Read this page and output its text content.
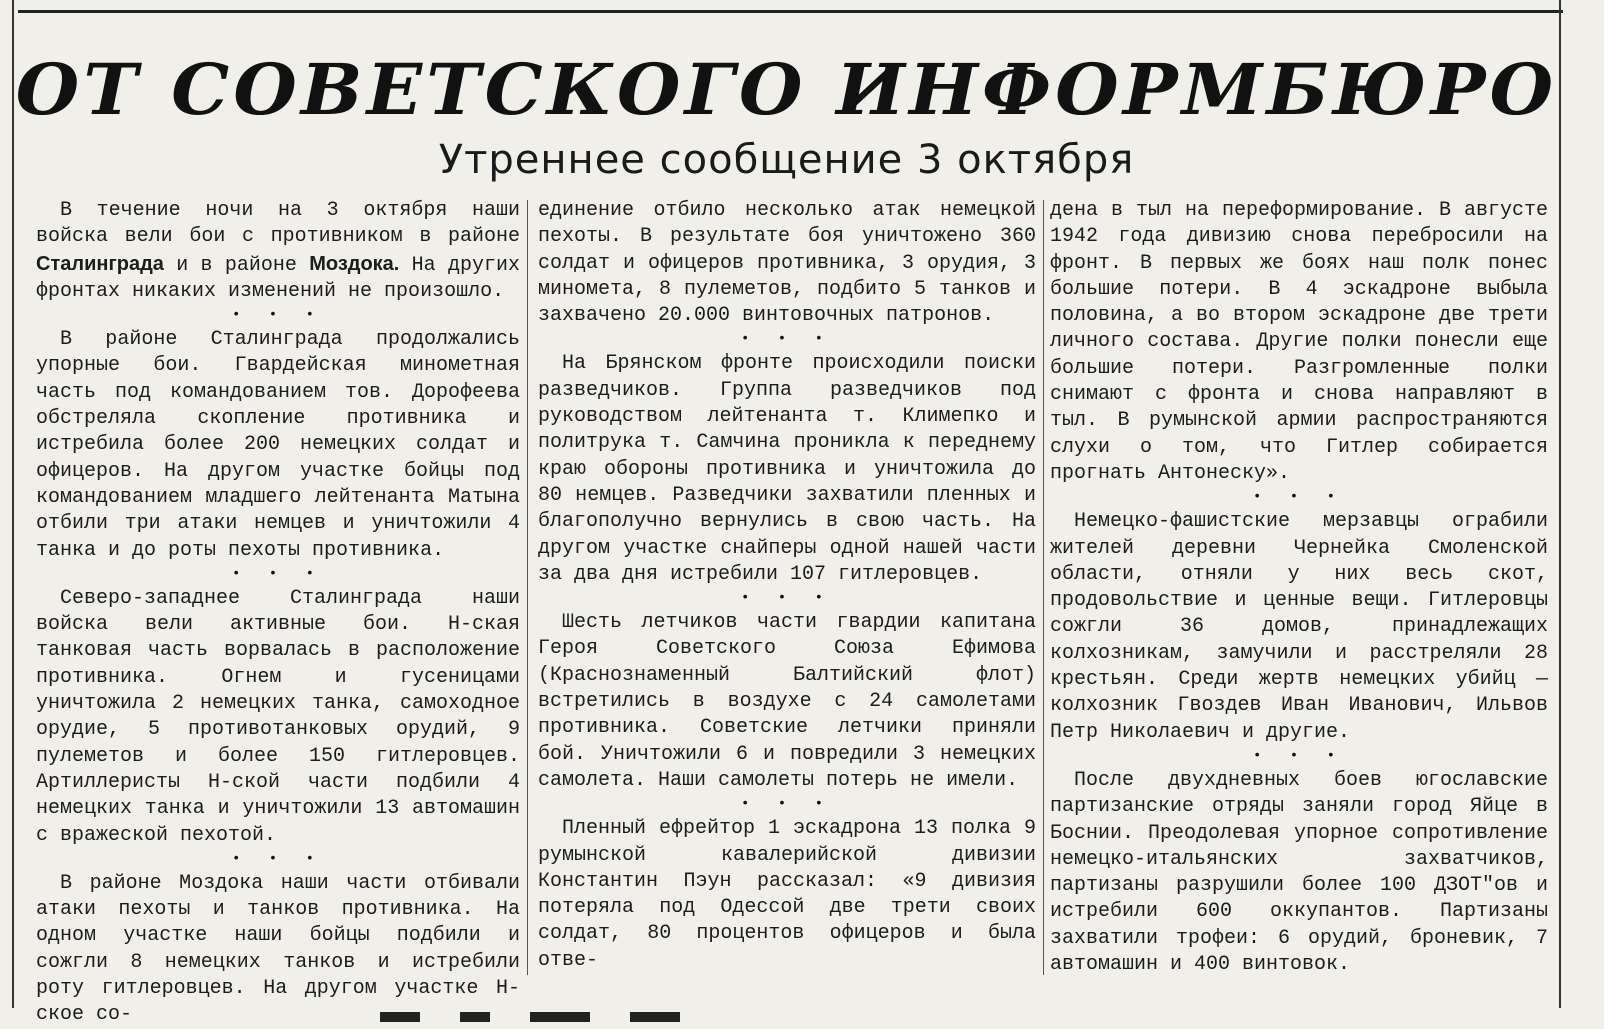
ОТ СОВЕТСКОГО ИНФОРМБЮРО
Утреннее сообщение 3 октября

В течение ночи на 3 октября наши войска вели бои с противником в районе Сталинграда и в районе Моздока. На других фронтах никаких изменений не произошло.

• • •

В районе Сталинграда продолжались упорные бои. Гвардейская минометная часть под командованием тов. Дорофеева обстреляла скопление противника и истребила более 200 немецких солдат и офицеров. На другом участке бойцы под командованием младшего лейтенанта Матына отбили три атаки немцев и уничтожили 4 танка и до роты пехоты противника.

• • •

Северо-западнее Сталинграда наши войска вели активные бои. Н-ская танковая часть ворвалась в расположение противника. Огнем и гусеницами уничтожила 2 немецких танка, самоходное орудие, 5 противотанковых орудий, 9 пулеметов и более 150 гитлеровцев. Артиллеристы Н-ской части подбили 4 немецких танка и уничтожили 13 автомашин с вражеской пехотой.

• • •

В районе Моздока наши части отбивали атаки пехоты и танков противника. На одном участке наши бойцы подбили и сожгли 8 немецких танков и истребили роту гитлеровцев. На другом участке Н-ское со-

единение отбило несколько атак немецкой пехоты. В результате боя уничтожено 360 солдат и офицеров противника, 3 орудия, 3 миномета, 8 пулеметов, подбито 5 танков и захвачено 20.000 винтовочных патронов.

• • •

На Брянском фронте происходили поиски разведчиков. Группа разведчиков под руководством лейтенанта т. Климепко и политрука т. Самчина проникла к переднему краю обороны противника и уничтожила до 80 немцев. Разведчики захватили пленных и благополучно вернулись в свою часть. На другом участке снайперы одной нашей части за два дня истребили 107 гитлеровцев.

• • •

Шесть летчиков части гвардии капитана Героя Советского Союза Ефимова (Краснознаменный Балтийский флот) встретились в воздухе с 24 самолетами противника. Советские летчики приняли бой. Уничтожили 6 и повредили 3 немецких самолета. Наши самолеты потерь не имели.

• • •

Пленный ефрейтор 1 эскадрона 13 полка 9 румынской кавалерийской дивизии Константин Пэун рассказал: «9 дивизия потеряла под Одессой две трети своих солдат, 80 процентов офицеров и была отве-

дена в тыл на переформирование. В августе 1942 года дивизию снова перебросили на фронт. В первых же боях наш полк понес большие потери. В 4 эскадроне выбыла половина, а во втором эскадроне две трети личного состава. Другие полки понесли еще большие потери. Разгромленные полки снимают с фронта и снова направляют в тыл. В румынской армии распространяются слухи о том, что Гитлер собирается прогнать Антонеску».

• • •

Немецко-фашистские мерзавцы ограбили жителей деревни Чернейка Смоленской области, отняли у них весь скот, продовольствие и ценные вещи. Гитлеровцы сожгли 36 домов, принадлежащих колхозникам, замучили и расстреляли 28 крестьян. Среди жертв немецких убийц — колхозник Гвоздев Иван Иванович, Ильвов Петр Николаевич и другие.

• • •

После двухдневных боев югославские партизанские отряды заняли город Яйце в Боснии. Преодолевая упорное сопротивление немецко-итальянских захватчиков, партизаны разрушили более 100 ДЗОТ"ов и истребили 600 оккупантов. Партизаны захватили трофеи: 6 орудий, броневик, 7 автомашин и 400 винтовок.
